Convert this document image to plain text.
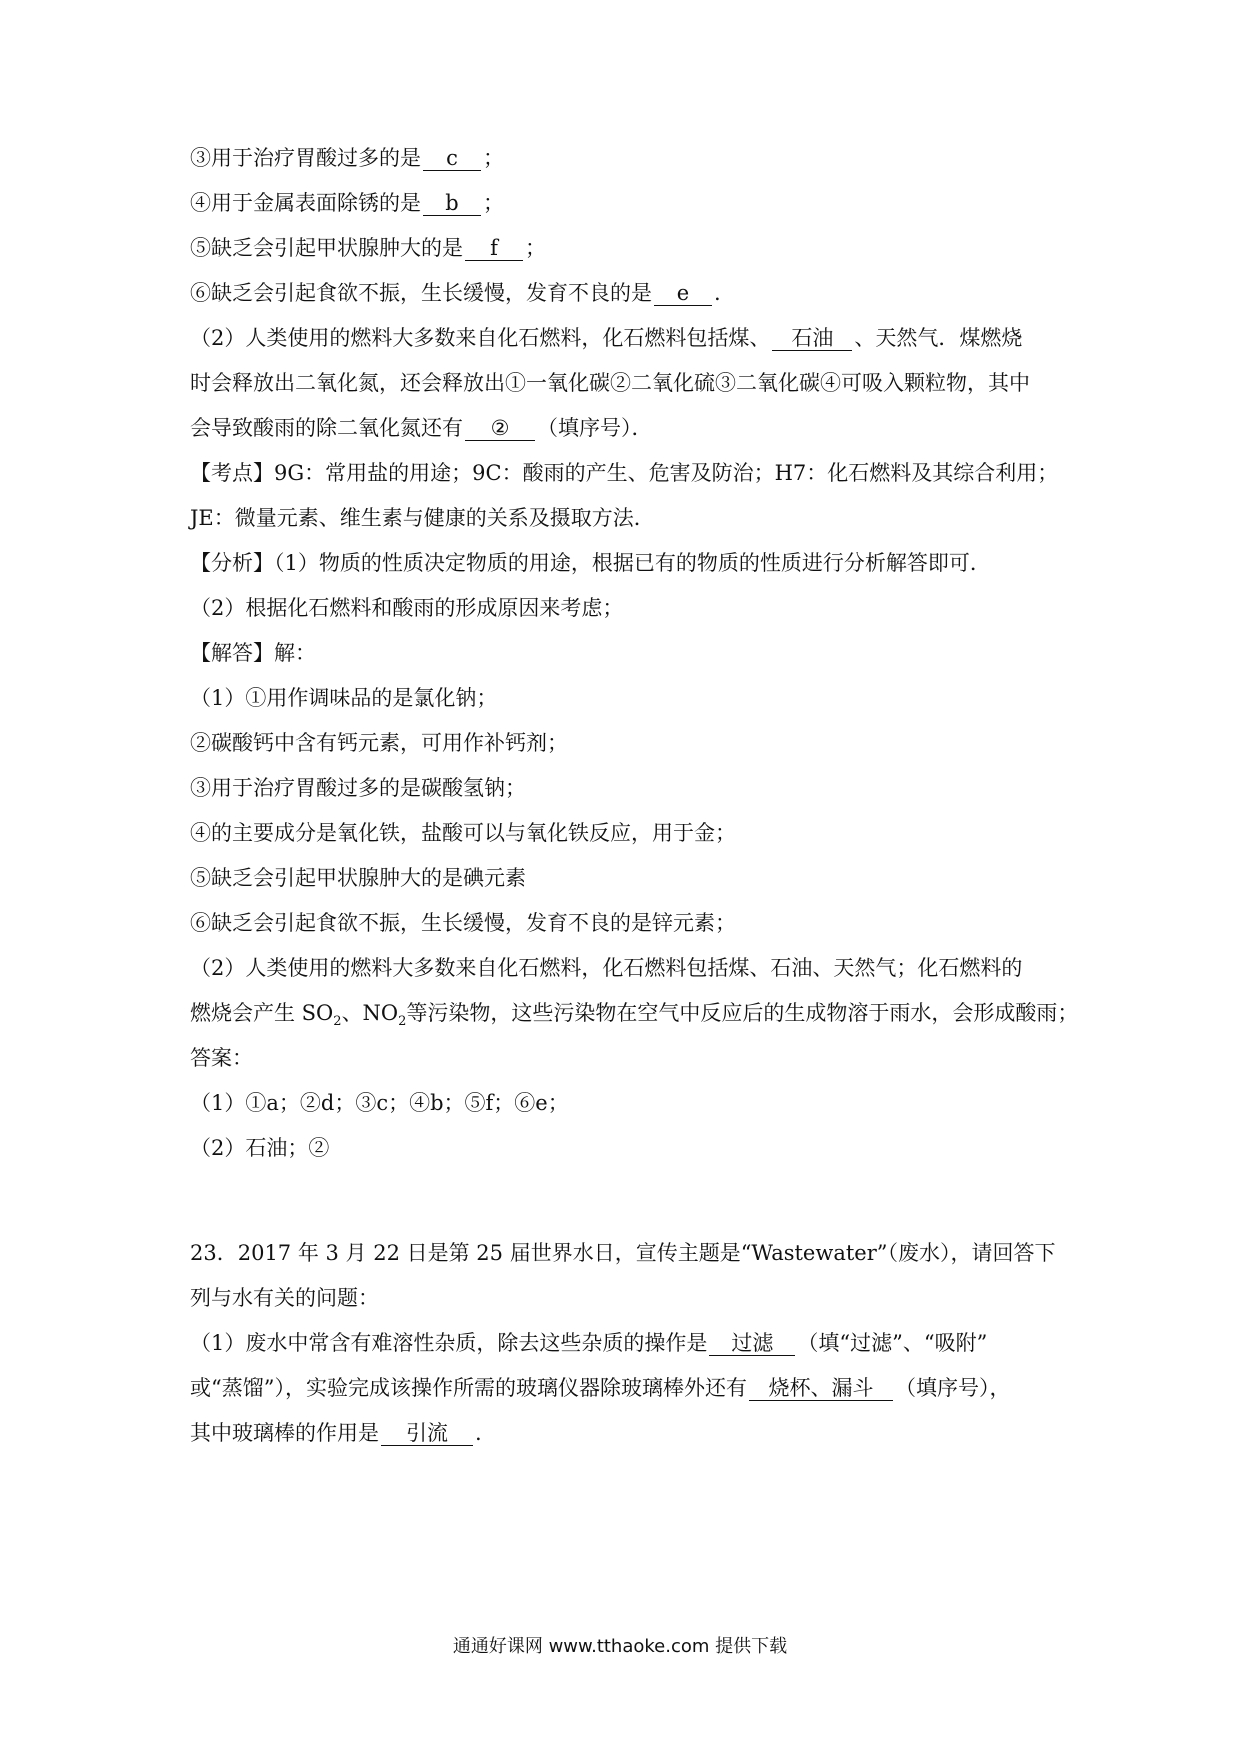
③用于治疗胃酸过多的是 c ；
④用于金属表面除锈的是 b ；
⑤缺乏会引起甲状腺肿大的是 f ；
⑥缺乏会引起食欲不振，生长缓慢，发育不良的是 e .
（2）人类使用的燃料大多数来自化石燃料，化石燃料包括煤、 石油 、天然气．煤燃烧
时会释放出二氧化氮，还会释放出①一氧化碳②二氧化硫③二氧化碳④可吸入颗粒物，其中
会导致酸雨的除二氧化氮还有 ② （填序号）．
【考点】9G：常用盐的用途；9C：酸雨的产生、危害及防治；H7：化石燃料及其综合利用；
JE：微量元素、维生素与健康的关系及摄取方法．
【分析】（1）物质的性质决定物质的用途，根据已有的物质的性质进行分析解答即可．
（2）根据化石燃料和酸雨的形成原因来考虑；
【解答】解：
（1）①用作调味品的是氯化钠；
②碳酸钙中含有钙元素，可用作补钙剂；
③用于治疗胃酸过多的是碳酸氢钠；
④的主要成分是氧化铁，盐酸可以与氧化铁反应，用于金；
⑤缺乏会引起甲状腺肿大的是碘元素
⑥缺乏会引起食欲不振，生长缓慢，发育不良的是锌元素；
（2）人类使用的燃料大多数来自化石燃料，化石燃料包括煤、石油、天然气；化石燃料的
燃烧会产生 $SO_2$、$NO_2$等污染物，这些污染物在空气中反应后的生成物溶于雨水，会形成酸雨；
答案：
（1）①a；②d；③c；④b；⑤f；⑥e；
（2）石油；②
23．2017 年 3 月 22 日是第 25 届世界水日，宣传主题是“Wastewater”（废水），请回答下
列与水有关的问题：
（1）废水中常含有难溶性杂质，除去这些杂质的操作是 过滤 （填“过滤”、“吸附”
或“蒸馏”），实验完成该操作所需的玻璃仪器除玻璃棒外还有 烧杯、漏斗 （填序号），
其中玻璃棒的作用是 引流 .
通通好课网 www.tthaoke.com 提供下载
